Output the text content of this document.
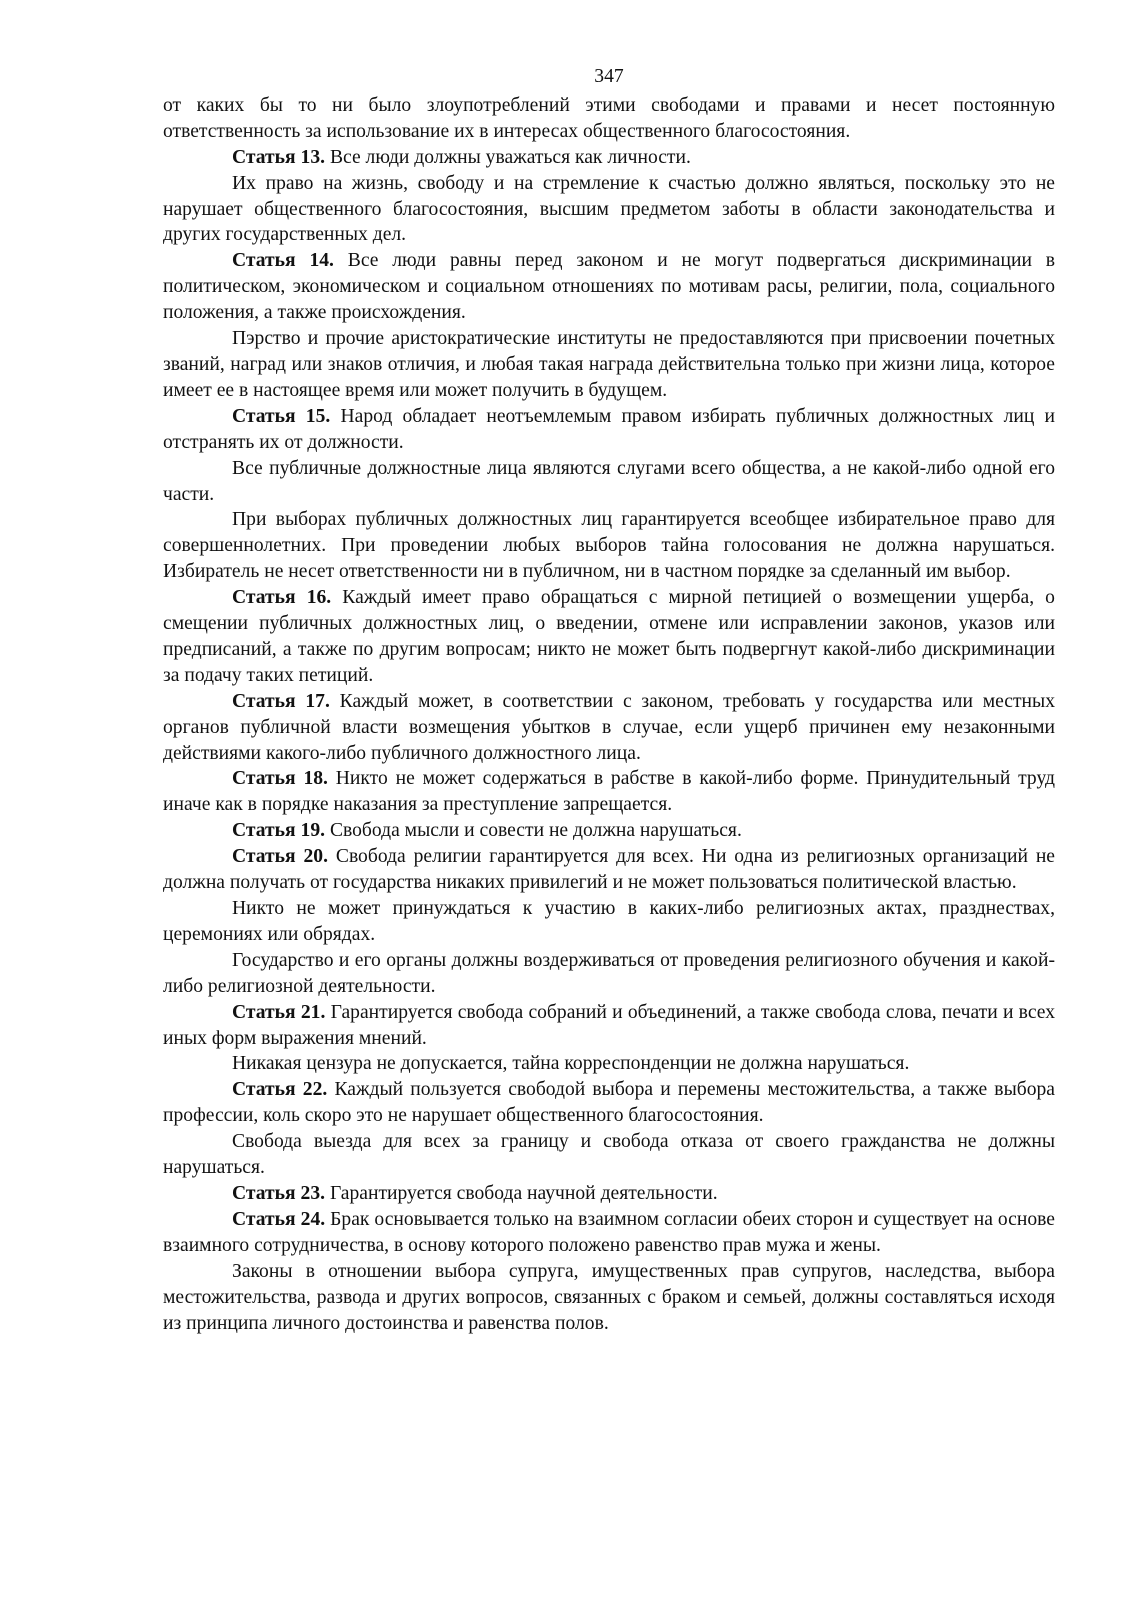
347

от каких бы то ни было злоупотреблений этими свободами и правами и несет постоянную ответственность за использование их в интересах общественного благосостояния.

Статья 13. Все люди должны уважаться как личности.

Их право на жизнь, свободу и на стремление к счастью должно являться, поскольку это не нарушает общественного благосостояния, высшим предметом заботы в области законодательства и других государственных дел.

Статья 14. Все люди равны перед законом и не могут подвергаться дискриминации в политическом, экономическом и социальном отношениях по мотивам расы, религии, пола, социального положения, а также происхождения.

Пэрство и прочие аристократические институты не предоставляются при присвоении почетных званий, наград или знаков отличия, и любая такая награда действительна только при жизни лица, которое имеет ее в настоящее время или может получить в будущем.

Статья 15. Народ обладает неотъемлемым правом избирать публичных должностных лиц и отстранять их от должности.

Все публичные должностные лица являются слугами всего общества, а не какой-либо одной его части.

При выборах публичных должностных лиц гарантируется всеобщее избирательное право для совершеннолетних. При проведении любых выборов тайна голосования не должна нарушаться. Избиратель не несет ответственности ни в публичном, ни в частном порядке за сделанный им выбор.

Статья 16. Каждый имеет право обращаться с мирной петицией о возмещении ущерба, о смещении публичных должностных лиц, о введении, отмене или исправлении законов, указов или предписаний, а также по другим вопросам; никто не может быть подвергнут какой-либо дискриминации за подачу таких петиций.

Статья 17. Каждый может, в соответствии с законом, требовать у государства или местных органов публичной власти возмещения убытков в случае, если ущерб причинен ему незаконными действиями какого-либо публичного должностного лица.

Статья 18. Никто не может содержаться в рабстве в какой-либо форме. Принудительный труд иначе как в порядке наказания за преступление запрещается.

Статья 19. Свобода мысли и совести не должна нарушаться.

Статья 20. Свобода религии гарантируется для всех. Ни одна из религиозных организаций не должна получать от государства никаких привилегий и не может пользоваться политической властью.

Никто не может принуждаться к участию в каких-либо религиозных актах, празднествах, церемониях или обрядах.

Государство и его органы должны воздерживаться от проведения религиозного обучения и какой-либо религиозной деятельности.

Статья 21. Гарантируется свобода собраний и объединений, а также свобода слова, печати и всех иных форм выражения мнений.

Никакая цензура не допускается, тайна корреспонденции не должна нарушаться.

Статья 22. Каждый пользуется свободой выбора и перемены местожительства, а также выбора профессии, коль скоро это не нарушает общественного благосостояния.

Свобода выезда для всех за границу и свобода отказа от своего гражданства не должны нарушаться.

Статья 23. Гарантируется свобода научной деятельности.

Статья 24. Брак основывается только на взаимном согласии обеих сторон и существует на основе взаимного сотрудничества, в основу которого положено равенство прав мужа и жены.

Законы в отношении выбора супруга, имущественных прав супругов, наследства, выбора местожительства, развода и других вопросов, связанных с браком и семьей, должны составляться исходя из принципа личного достоинства и равенства полов.
